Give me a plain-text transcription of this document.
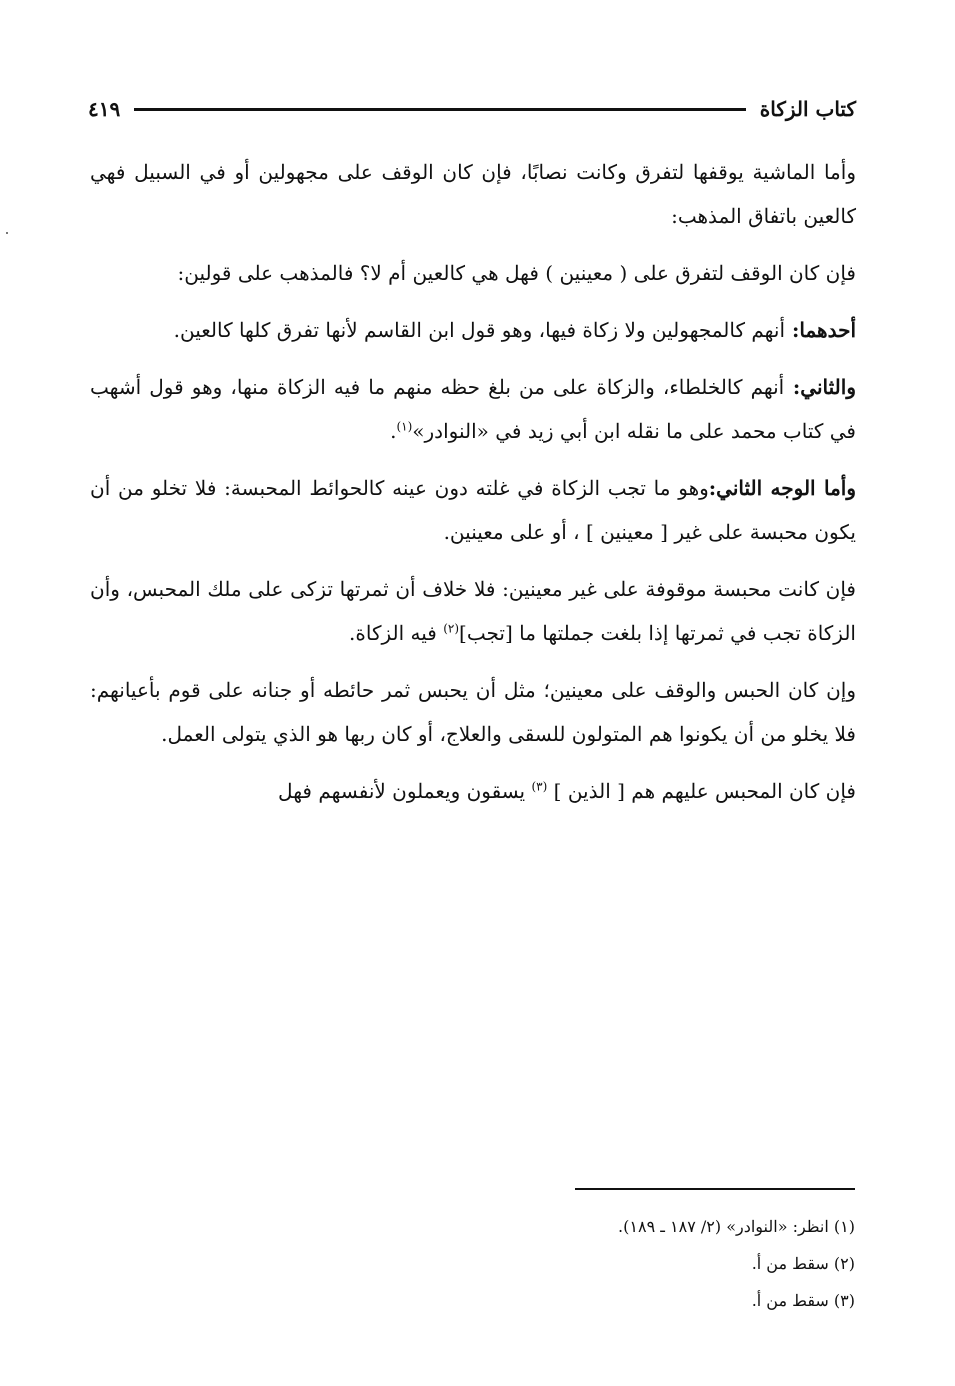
كتاب الزكاة
٤١٩

وأما الماشية يوقفها لتفرق وكانت نصابًا، فإن كان الوقف على مجهولين أو في السبيل فهي كالعين باتفاق المذهب:

فإن كان الوقف لتفرق على ( معينين ) فهل هي كالعين أم لا؟ فالمذهب على قولين:

أحدهما: أنهم كالمجهولين ولا زكاة فيها، وهو قول ابن القاسم لأنها تفرق كلها كالعين.

والثاني: أنهم كالخلطاء، والزكاة على من بلغ حظه منهم ما فيه الزكاة منها، وهو قول أشهب في كتاب محمد على ما نقله ابن أبي زيد في «النوادر»$^{(١)}$.

وأما الوجه الثاني:وهو ما تجب الزكاة في غلته دون عينه كالحوائط المحبسة: فلا تخلو من أن يكون محبسة على غير [ معينين ] ، أو على معينين.

فإن كانت محبسة موقوفة على غير معينين: فلا خلاف أن ثمرتها تزكى على ملك المحبس، وأن الزكاة تجب في ثمرتها إذا بلغت جملتها ما [تجب]$^{(٢)}$ فيه الزكاة.

وإن كان الحبس والوقف على معينين؛ مثل أن يحبس ثمر حائطه أو جنانه على قوم بأعيانهم: فلا يخلو من أن يكونوا هم المتولون للسقى والعلاج، أو كان ربها هو الذي يتولى العمل.

فإن كان المحبس عليهم هم [ الذين ] $^{(٣)}$ يسقون ويعملون لأنفسهم فهل

(١) انظر: «النوادر» (٢/ ١٨٧ ـ ١٨٩).
(٢) سقط من أ.
(٣) سقط من أ.
